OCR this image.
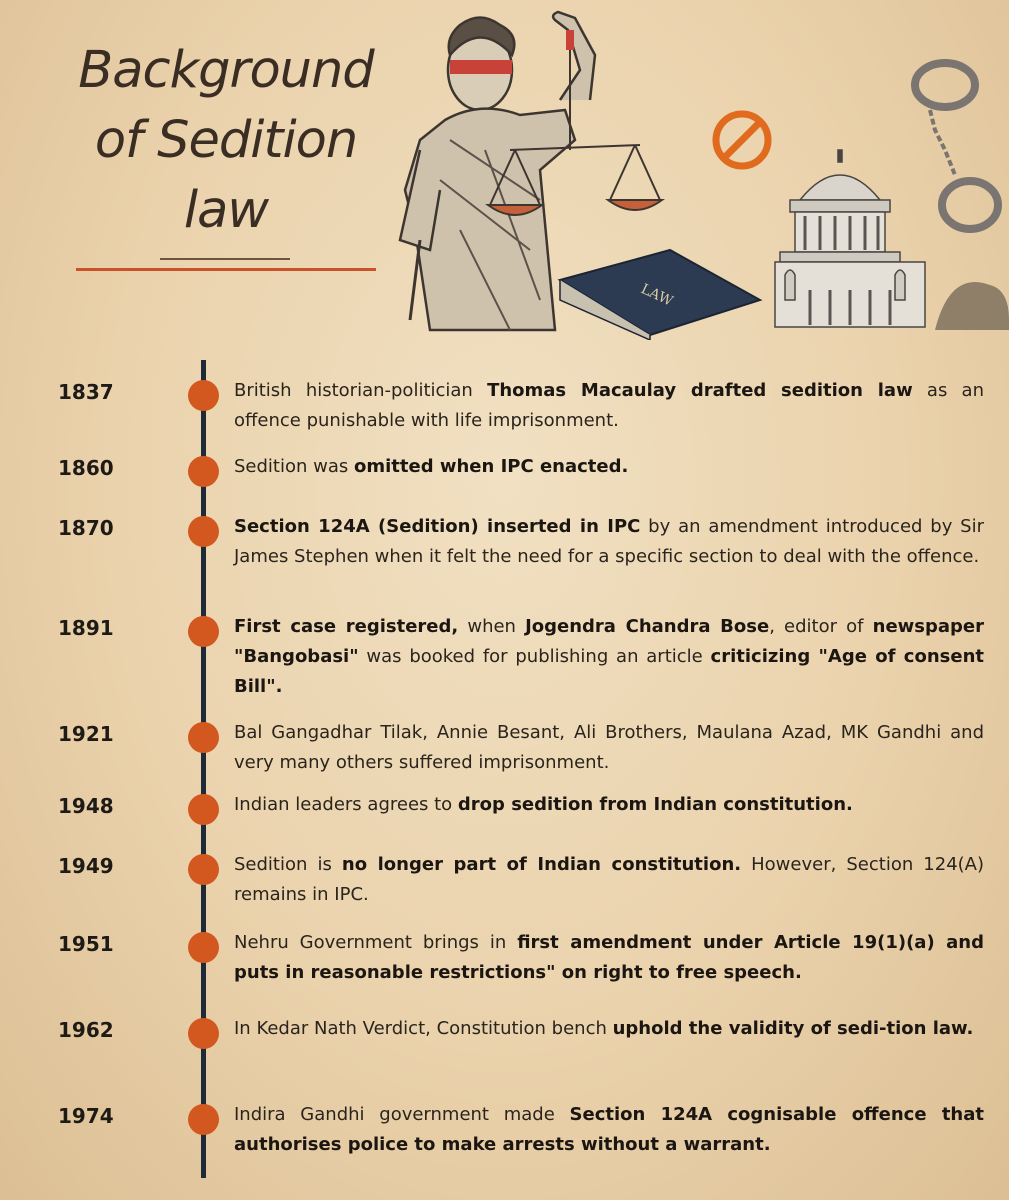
Background
of Sedition
law
LAW
1837	British historian-politician Thomas Macaulay drafted sedition law as an offence punishable with life imprisonment.
1860	Sedition was omitted when IPC enacted.
1870	Section 124A (Sedition) inserted in IPC by an amendment introduced by Sir James Stephen when it felt the need for a specific section to deal with the offence.
1891	First case registered, when Jogendra Chandra Bose, editor of newspaper "Bangobasi" was booked for publishing an article criticizing "Age of consent Bill".
1921	Bal Gangadhar Tilak, Annie Besant, Ali Brothers, Maulana Azad, MK Gandhi and very many others suffered imprisonment.
1948	Indian leaders agrees to drop sedition from Indian constitution.
1949	Sedition is no longer part of Indian constitution. However, Section 124(A) remains in IPC.
1951	Nehru Government brings in first amendment under Article 19(1)(a) and puts in reasonable restrictions" on right to free speech.
1962	In Kedar Nath Verdict, Constitution bench uphold the validity of sedi-tion law.
1974	Indira Gandhi government made Section 124A cognisable offence that authorises police to make arrests without a warrant.
